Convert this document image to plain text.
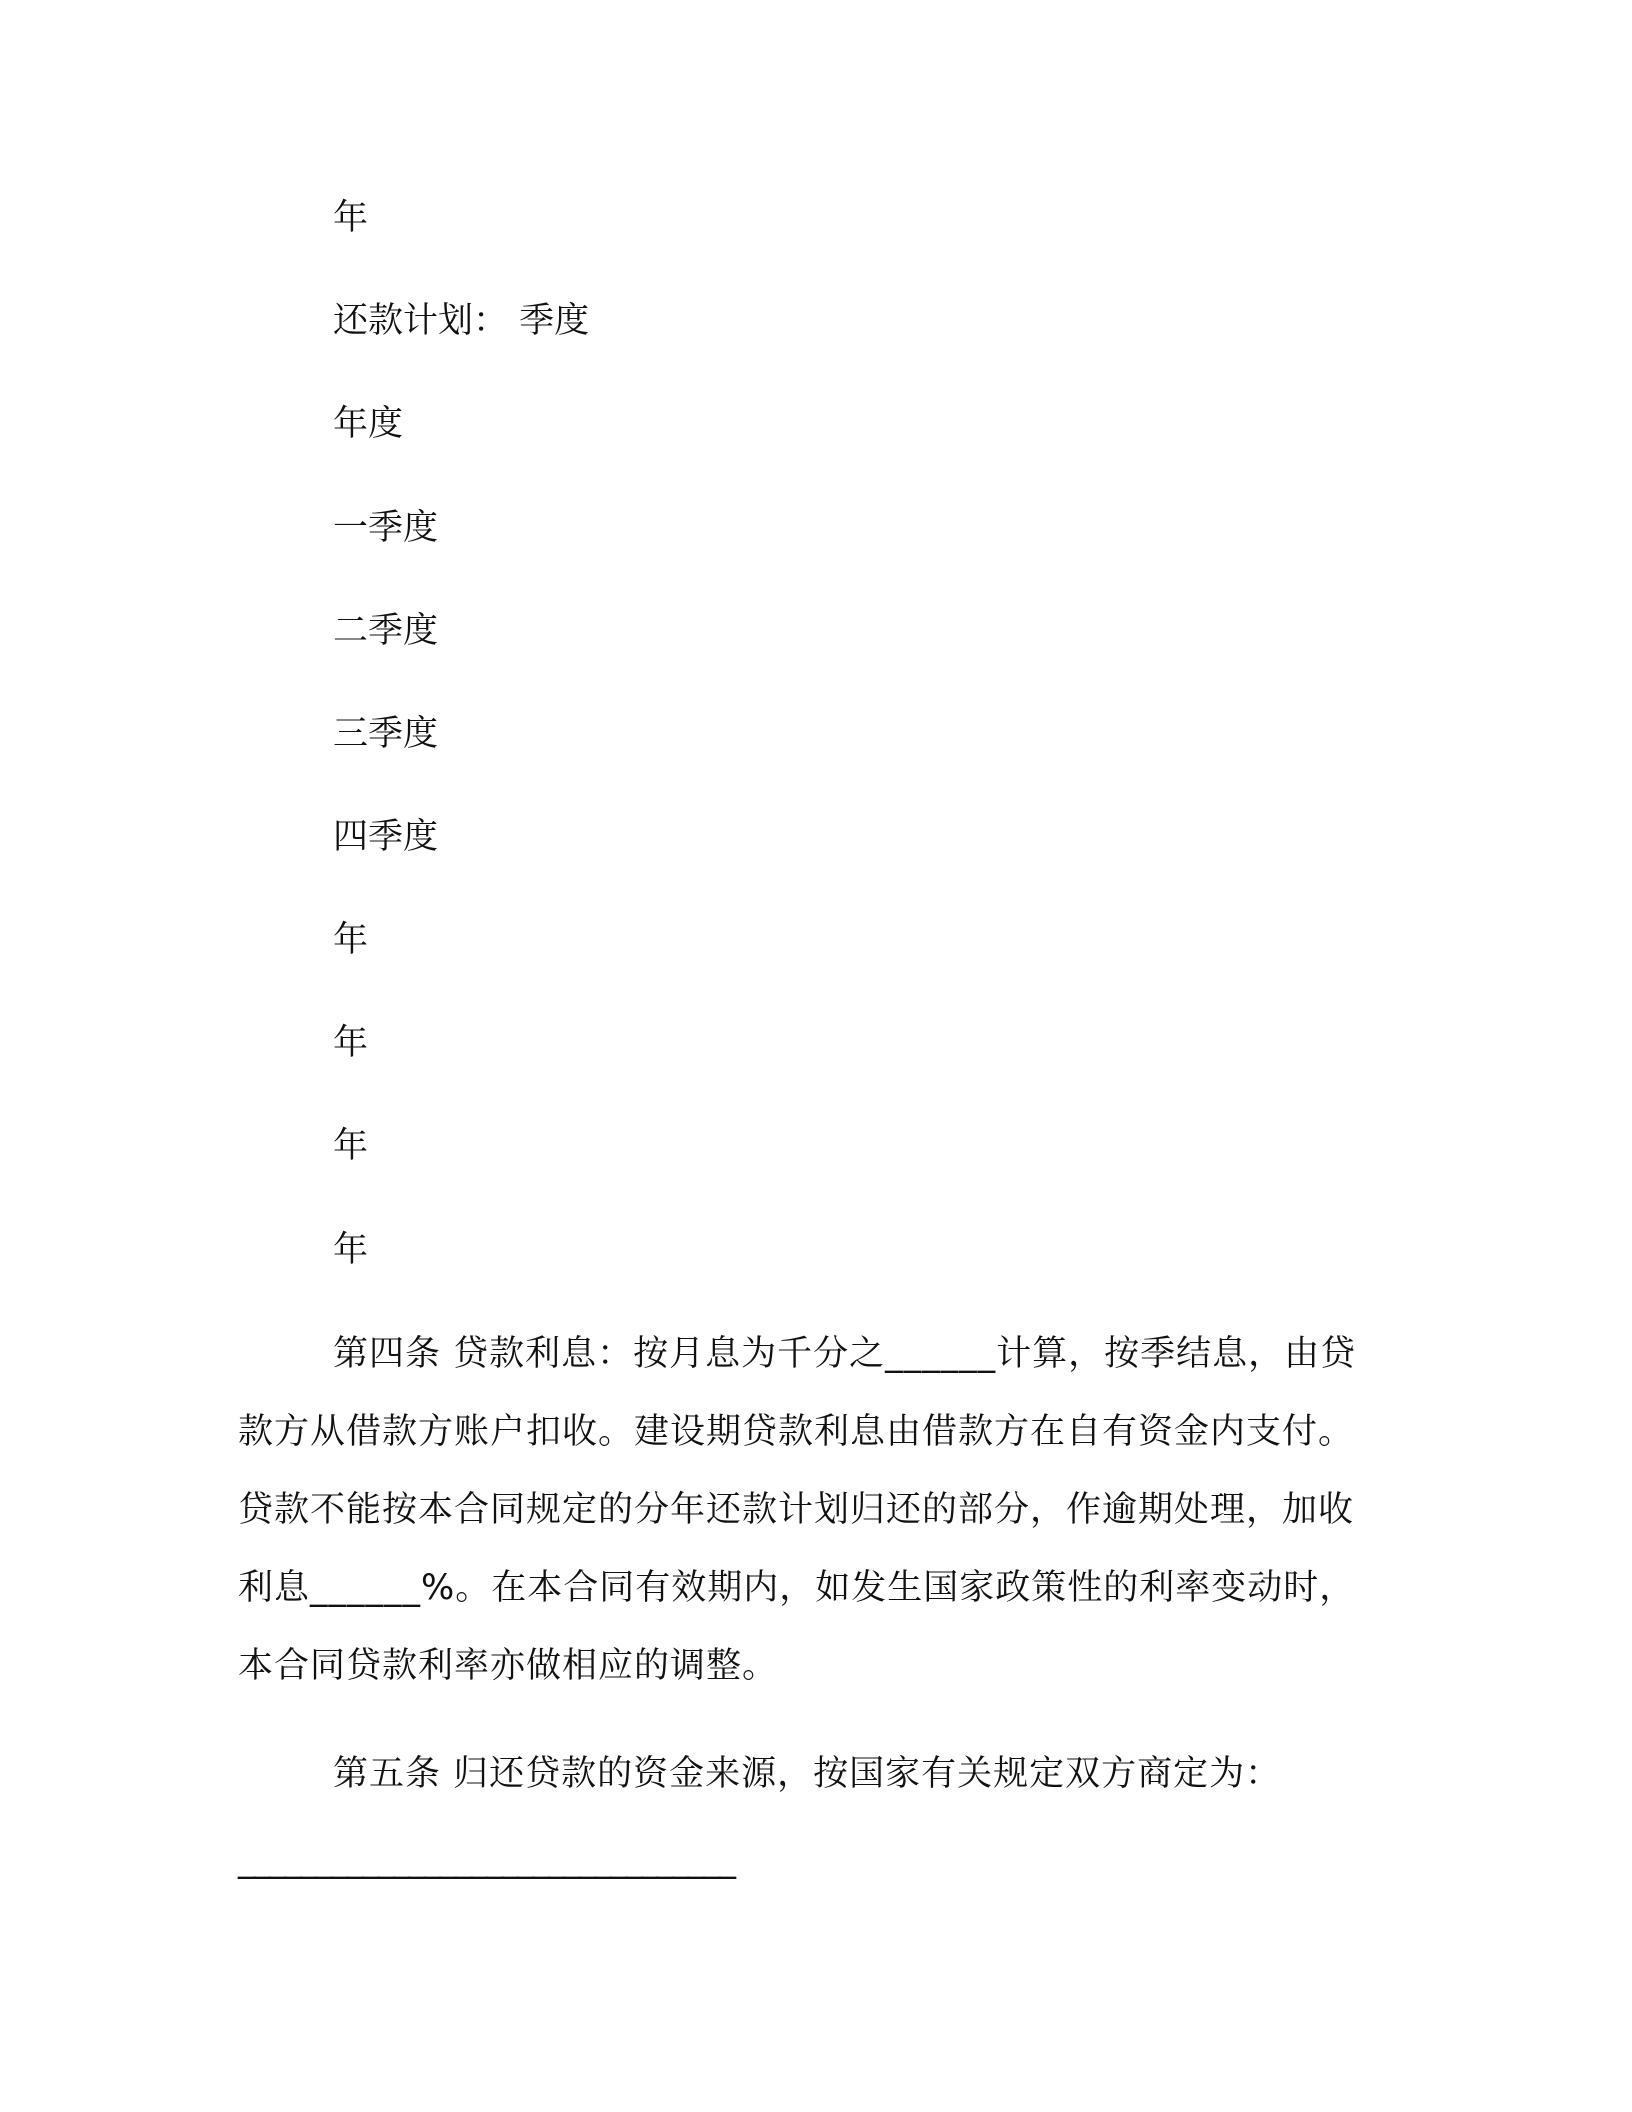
年
还款计划： 季度
年度
一季度
二季度
三季度
四季度
年
年
年
年
第四条 贷款利息：按月息为千分之______计算，按季结息，由贷款方从借款方账户扣收。建设期贷款利息由借款方在自有资金内支付。贷款不能按本合同规定的分年还款计划归还的部分，作逾期处理，加收利息______%。在本合同有效期内，如发生国家政策性的利率变动时，本合同贷款利率亦做相应的调整。
第五条 归还贷款的资金来源，按国家有关规定双方商定为：
________________________________
